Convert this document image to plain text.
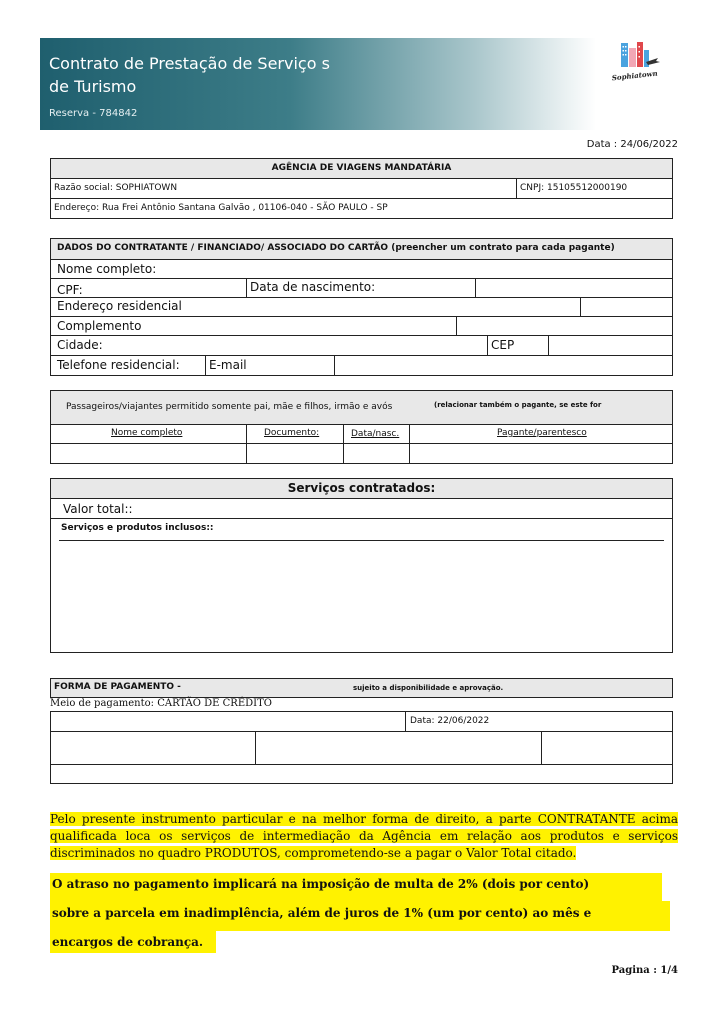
Contrato de Prestação de Serviço s de Turismo
Reserva - 784842
Sophiatown
Data : 24/06/2022
AGÊNCIA DE VIAGENS MANDATÁRIA
Razão social: SOPHIATOWN	CNPJ: 15105512000190
Endereço: Rua Frei Antônio Santana Galvão , 01106-040 - SÃO PAULO - SP
DADOS DO CONTRATANTE / FINANCIADO/ ASSOCIADO DO CARTÃO (preencher um contrato para cada pagante)
Nome completo:
CPF:	Data de nascimento:
Endereço residencial
Complemento
Cidade:	CEP
Telefone residencial: E-mail
Passageiros/viajantes permitido somente pai, mãe e filhos, irmão e avós	(relacionar também o pagante, se este for
Nome completo	Documento:	Data/nasc.	Pagante/parentesco
Serviços contratados:
Valor total::
Serviços e produtos inclusos::
FORMA DE PAGAMENTO -	sujeito a disponibilidade e aprovação.
Meio de pagamento: CARTÃO DE CRÉDITO
Data: 22/06/2022
Pelo presente instrumento particular e na melhor forma de direito, a parte CONTRATANTE acima qualificada loca os serviços de intermediação da Agência em relação aos produtos e serviços discriminados no quadro PRODUTOS, comprometendo-se a pagar o Valor Total citado.
O atraso no pagamento implicará na imposição de multa de 2% (dois por cento)
sobre a parcela em inadimplência, além de juros de 1% (um por cento) ao mês e
encargos de cobrança.
Pagina : 1/4
